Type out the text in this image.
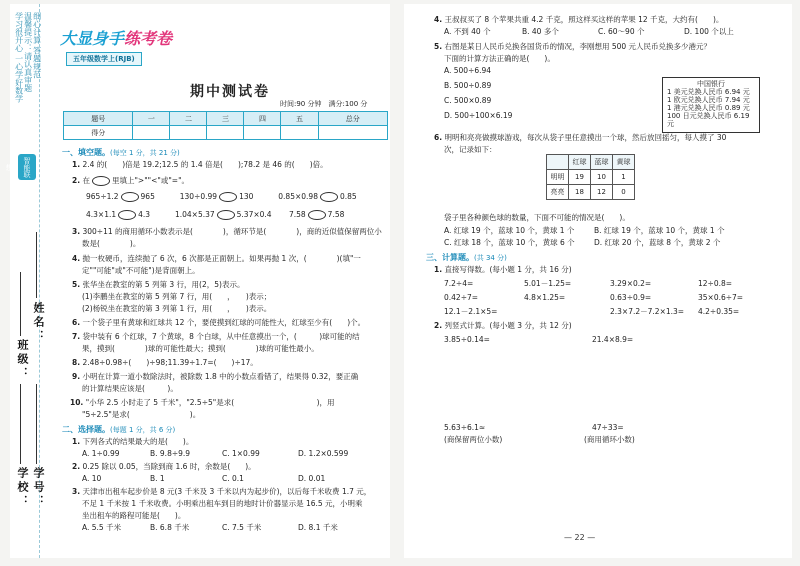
学习很开心 一心学好数学 温馨提示：请认真审题 细心计算 答题规范
智能联想
班级：
姓名：
学校： 学号：
大显身手练考卷
五年级数学上(RJB)
期中测试卷
时间:90 分钟　满分:100 分
题号	一	二	三	四	五	总分
得分						
一、填空题。(每空 1 分，共 21 分)
1. 2.4 的(　　)倍是 19.2;12.5 的 1.4 倍是(　　);78.2 是 46 的(　　)倍。
2. 在	里填上">""<"或"="。
965÷1.2	965　　　	130÷0.99	130　　　	0.85×0.98	0.85
4.3×1.1	4.3　　　	1.04×5.37	5.37×0.4　　 7.5̇8	7.5̇8̇
3. 300÷11 的商用循环小数表示是(　　　　)，循环节是(　　　　)，商的近似值保留两位小
数是(　　　　)。
4. 抛一枚硬币，连续抛了 6 次，6 次都是正面朝上。如果再抛 1 次，(　　　　)(填"一
定""可能"或"不可能")是背面朝上。
5. 张华坐在教室的第 5 列第 3 行，用(2，5)表示。
(1)李鹏坐在教室的第 5 列第 7 行，用(　　，　　)表示；
(2)杨锐坐在教室的第 3 列第 1 行，用(　　，　　)表示。
6. 一个袋子里有黄球和红球共 12 个，要使摸到红球的可能性大，红球至少有(　　)个。
7. 袋中装有 6 个红球，7 个黄球，8 个白球，从中任意摸出一个，(　　　)球可能的结
果，摸到(　　　　)球的可能性最大；摸到(　　　　)球的可能性最小。
8. 2.48÷0.98÷(　　)÷98;11.39÷1.7=(　　)÷17。
9. 小明在计算一道小数除法时，被除数 1.8 中的小数点看错了，结果得 0.32，要正确
的计算结果应该是(　　　)。
10. "小华 2.5 小时走了 5 千米"，"2.5÷5"是求(　　　　　　　　　　　)，用
"5÷2.5"是求(　　　　　　　　)。
二、选择题。(每题 1 分，共 6 分)
1. 下列各式的结果最大的是(　　)。
A. 1÷0.99	B. 9.8÷9.9	C. 1×0.99	D. 1.2×0.599
2. 0.25 除以 0.05，当除到商 1.6 时，余数是(　　)。
A. 10	B. 1	C. 0.1	D. 0.01
3. 天津市出租车起步价是 8 元(3 千米及 3 千米以内为起步价)，以后每千米收费 1.7 元，
不足 1 千米按 1 千米收费。小明乘出租车到目的地时计价器显示是 16.5 元，小明乘
坐出租车的路程可能是(　　)。
A. 5.5 千米	B. 6.8 千米	C. 7.5 千米	D. 8.1 千米
4. 王叔叔买了 8 个苹果共重 4.2 千克，照这样买这样的苹果 12 千克，大约有(　　)。
A. 不到 40 个	B. 40 多个	C. 60～90 个	D. 100 个以上
5. 右图是某日人民币兑换各国货币的情况，李刚想用 500 元人民币兑换多少港元？
下面的计算方法正确的是(　　)。
A. 500÷6.94
B. 500÷0.89
C. 500×0.89
D. 500÷100×6.19
中国银行
1 美元兑换人民币 6.94 元
1 欧元兑换人民币 7.94 元
1 港元兑换人民币 0.89 元
100 日元兑换人民币 6.19 元
6. 明明和亮亮做摸球游戏，每次从袋子里任意摸出一个球，然后放回摇匀，每人摸了 30
次，记录如下：
	红球	蓝球	黄球
明明	19	10	1
亮亮	18	12	0
袋子里各种颜色球的数量，下面不可能的情况是(　　)。
A. 红球 19 个，蓝球 10 个，黄球 1 个	B. 红球 19 个，蓝球 10 个，黄球 1 个
C. 红球 18 个，蓝球 10 个，黄球 6 个	D. 红球 20 个，蓝球 8 个，黄球 2 个
三、计算题。(共 34 分)
1. 直接写得数。(每小题 1 分，共 16 分)
7.2÷4=	5.01－1.25=	3.29×0.2=	12÷0.8=
0.42÷7=	4.8×1.25=	0.63÷0.9=	35×0.6÷7=
12.1－2.1×5=	2.3×7.2－7.2×1.3= 4.2÷0.35=
2. 列竖式计算。(每小题 3 分，共 12 分)
3.85÷0.14=	21.4×8.9=
5.63÷6.1≈	47÷33=
(商保留两位小数)	(商用循环小数)
— 22 —
